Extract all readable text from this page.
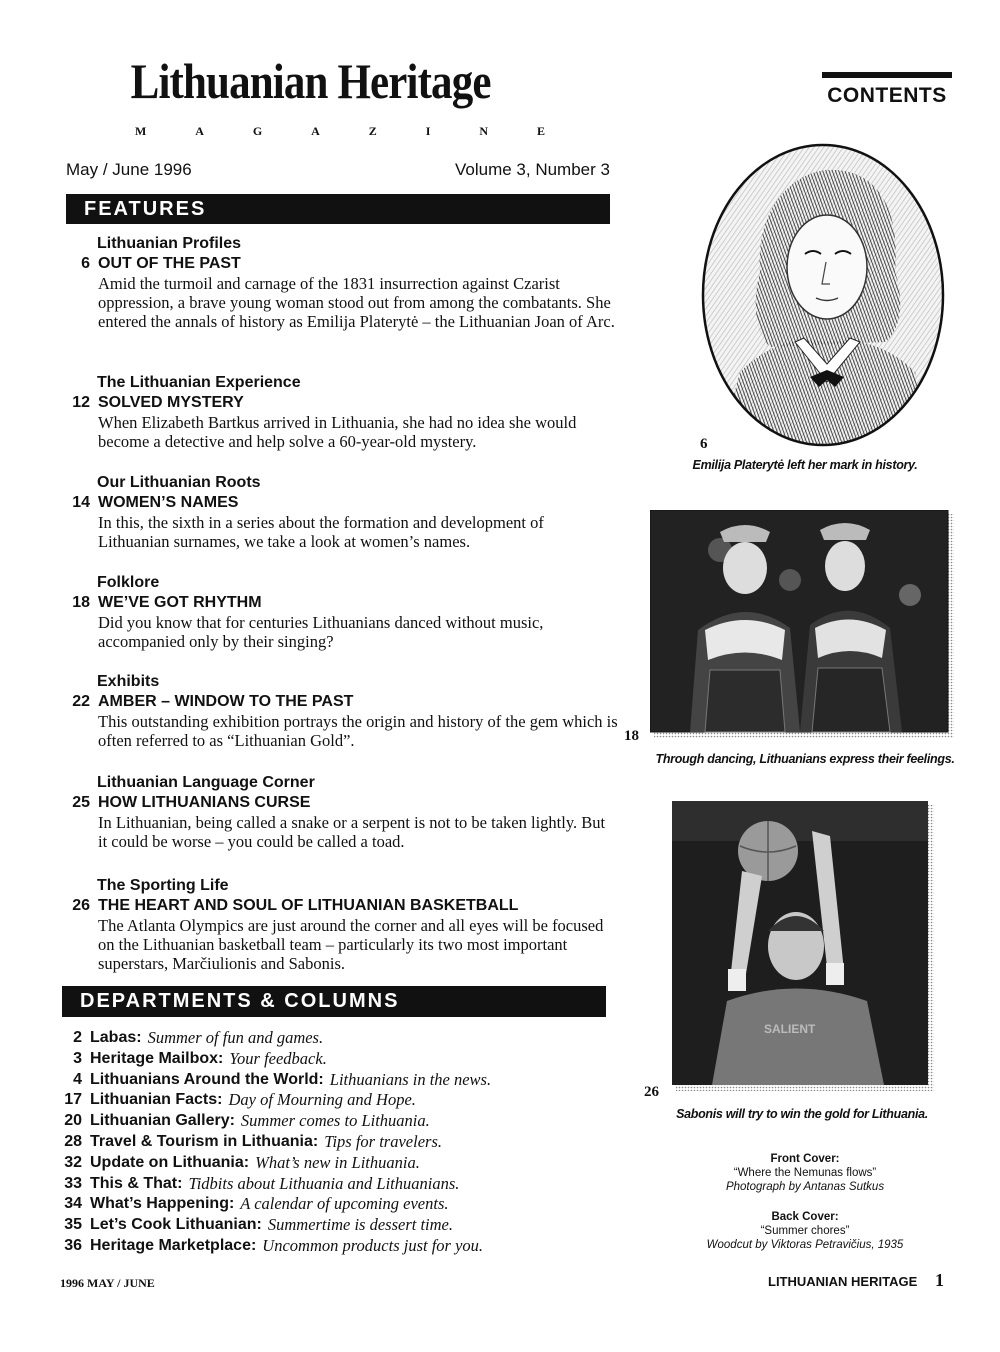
Lithuanian Heritage
M	A	G	A	Z	I	N	E
CONTENTS
May / June 1996	Volume 3, Number 3
FEATURES
Lithuanian Profiles
6 OUT OF THE PAST
Amid the turmoil and carnage of the 1831 insurrection against Czarist oppression, a brave young woman stood out from among the combatants. She entered the annals of history as Emilija Platerytė – the Lithuanian Joan of Arc.
The Lithuanian Experience
12 SOLVED MYSTERY
When Elizabeth Bartkus arrived in Lithuania, she had no idea she would become a detective and help solve a 60-year-old mystery.
Our Lithuanian Roots
14 WOMEN’S NAMES
In this, the sixth in a series about the formation and development of Lithuanian surnames, we take a look at women’s names.
Folklore
18 WE’VE GOT RHYTHM
Did you know that for centuries Lithuanians danced without music, accompanied only by their singing?
Exhibits
22 AMBER – WINDOW TO THE PAST
This outstanding exhibition portrays the origin and history of the gem which is often referred to as “Lithuanian Gold”.
Lithuanian Language Corner
25 HOW LITHUANIANS CURSE
In Lithuanian, being called a snake or a serpent is not to be taken lightly. But it could be worse – you could be called a toad.
The Sporting Life
26 THE HEART AND SOUL OF LITHUANIAN BASKETBALL
The Atlanta Olympics are just around the corner and all eyes will be focused on the Lithuanian basketball team – particularly its two most important superstars, Marčiulionis and Sabonis.
DEPARTMENTS & COLUMNS
2 Labas: Summer of fun and games.
3 Heritage Mailbox: Your feedback.
4 Lithuanians Around the World: Lithuanians in the news.
17 Lithuanian Facts: Day of Mourning and Hope.
20 Lithuanian Gallery: Summer comes to Lithuania.
28 Travel & Tourism in Lithuania: Tips for travelers.
32 Update on Lithuania: What’s new in Lithuania.
33 This & That: Tidbits about Lithuania and Lithuanians.
34 What’s Happening: A calendar of upcoming events.
35 Let’s Cook Lithuanian: Summertime is dessert time.
36 Heritage Marketplace: Uncommon products just for you.
6
Emilija Platerytė left her mark in history.
18
Through dancing, Lithuanians express their feelings.
SALIENT
26
Sabonis will try to win the gold for Lithuania.
Front Cover:
“Where the Nemunas flows”
Photograph by Antanas Sutkus
Back Cover:
“Summer chores”
Woodcut by Viktoras Petravičius, 1935
1996 MAY / JUNE	LITHUANIAN HERITAGE 1
